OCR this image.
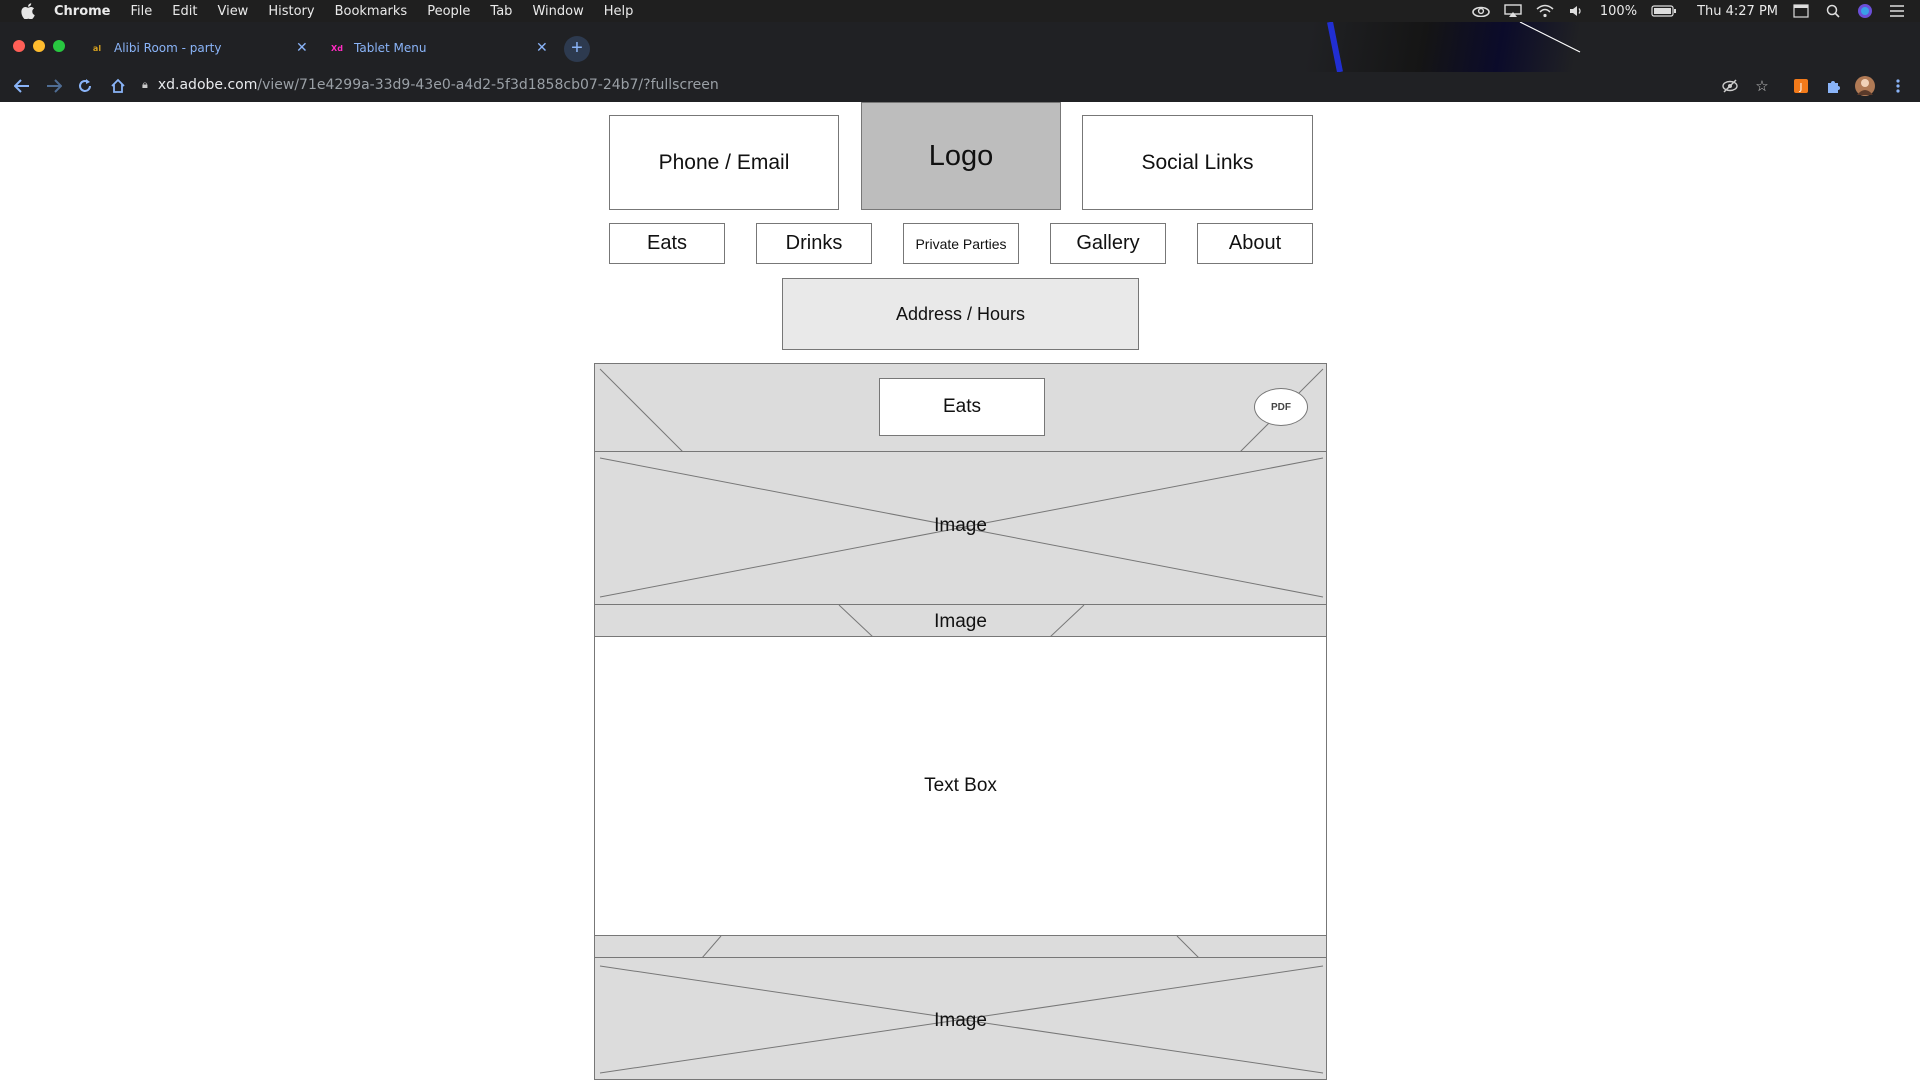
Chrome File Edit View History Bookmarks People Tab Window Help	100%	Thu 4:27 PM
al Alibi Room - party	✕	Xd Tablet Menu	✕	+
🔒︎ xd.adobe.com /view/71e4299a-33d9-43e0-a4d2-5f3d1858cb07-24b7/?fullscreen	☆	J
Phone / Email	Logo	Social Links
Eats	Drinks	Private Parties	Gallery	About
Address / Hours
Eats	PDF
Image
Image
Text Box
Image
